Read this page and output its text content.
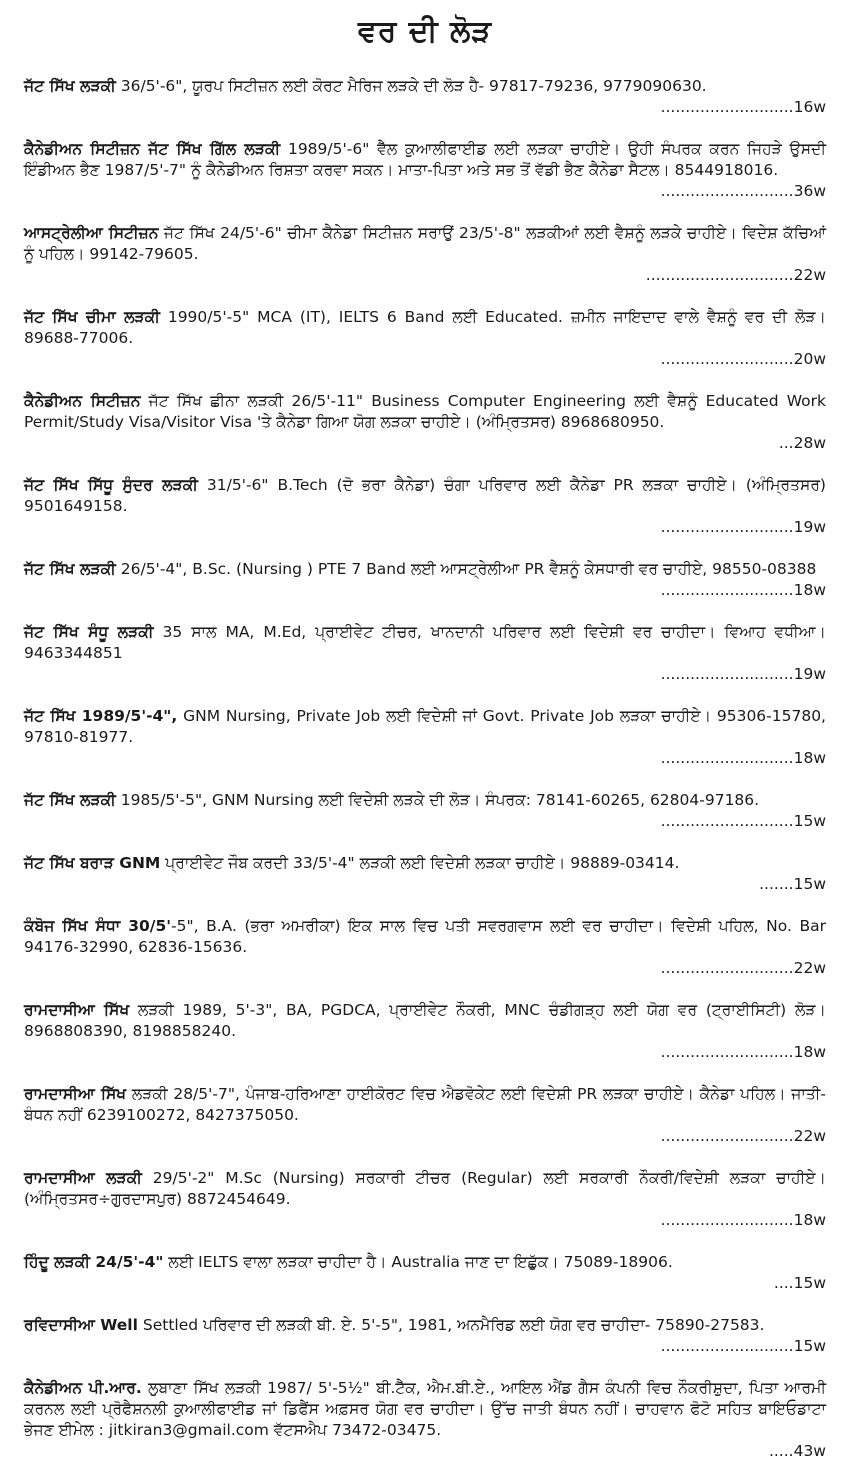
ਵਰ ਦੀ ਲੋੜ
ਜੱਟ ਸਿੱਖ ਲੜਕੀ 36/5'-6", ਯੂਰਪ ਸਿਟੀਜ਼ਨ ਲਈ ਕੋਰਟ ਮੈਰਿਜ ਲੜਕੇ ਦੀ ਲੋੜ ਹੈ- 97817-79236, 9779090630.
...........................16w
ਕੈਨੇਡੀਅਨ ਸਿਟੀਜ਼ਨ ਜੱਟ ਸਿੱਖ ਗਿੱਲ ਲੜਕੀ 1989/5'-6" ਵੈੱਲ ਕੁਆਲੀਫਾਈਡ ਲਈ ਲੜਕਾ ਚਾਹੀਏ। ਉਹੀ ਸੰਪਰਕ ਕਰਨ ਜਿਹੜੇ ਉਸਦੀ ਇੰਡੀਅਨ ਭੈਣ 1987/5'-7" ਨੂੰ ਕੈਨੇਡੀਅਨ ਰਿਸ਼ਤਾ ਕਰਵਾ ਸਕਨ। ਮਾਤਾ-ਪਿਤਾ ਅਤੇ ਸਭ ਤੋਂ ਵੱਡੀ ਭੈਣ ਕੈਨੇਡਾ ਸੈਟਲ। 8544918016.
...........................36w
ਆਸਟ੍ਰੇਲੀਆ ਸਿਟੀਜ਼ਨ ਜੱਟ ਸਿੱਖ 24/5'-6" ਚੀਮਾ ਕੈਨੇਡਾ ਸਿਟੀਜ਼ਨ ਸਰਾਉਂ 23/5'-8" ਲੜਕੀਆਂ ਲਈ ਵੈਸ਼ਨੂੰ ਲੜਕੇ ਚਾਹੀਏ। ਵਿਦੇਸ਼ ਕੱਚਿਆਂ ਨੂੰ ਪਹਿਲ। 99142-79605.
..............................22w
ਜੱਟ ਸਿੱਖ ਚੀਮਾ ਲੜਕੀ 1990/5'-5" MCA (IT), IELTS 6 Band ਲਈ Educated. ਜ਼ਮੀਨ ਜਾਇਦਾਦ ਵਾਲੇ ਵੈਸ਼ਨੂੰ ਵਰ ਦੀ ਲੋੜ। 89688-77006.
...........................20w
ਕੈਨੇਡੀਅਨ ਸਿਟੀਜ਼ਨ ਜੱਟ ਸਿੱਖ ਛੀਨਾ ਲੜਕੀ 26/5'-11" Business Computer Engineering ਲਈ ਵੈਸ਼ਨੂੰ Educated Work Permit/Study Visa/Visitor Visa 'ਤੇ ਕੈਨੇਡਾ ਗਿਆ ਯੋਗ ਲੜਕਾ ਚਾਹੀਏ। (ਅੰਮ੍ਰਿਤਸਰ) 8968680950.
...28w
ਜੱਟ ਸਿੱਖ ਸਿੱਧੂ ਸੁੰਦਰ ਲੜਕੀ 31/5'-6" B.Tech (ਦੋ ਭਰਾ ਕੈਨੇਡਾ) ਚੰਗਾ ਪਰਿਵਾਰ ਲਈ ਕੈਨੇਡਾ PR ਲੜਕਾ ਚਾਹੀਏ। (ਅੰਮ੍ਰਿਤਸਰ) 9501649158.
...........................19w
ਜੱਟ ਸਿੱਖ ਲੜਕੀ 26/5'-4", B.Sc. (Nursing ) PTE 7 Band ਲਈ ਆਸਟ੍ਰੇਲੀਆ PR ਵੈਸ਼ਨੂੰ ਕੇਸਧਾਰੀ ਵਰ ਚਾਹੀਏ, 98550-08388
...........................18w
ਜੱਟ ਸਿੱਖ ਸੰਧੂ ਲੜਕੀ 35 ਸਾਲ MA, M.Ed, ਪ੍ਰਾਈਵੇਟ ਟੀਚਰ, ਖਾਨਦਾਨੀ ਪਰਿਵਾਰ ਲਈ ਵਿਦੇਸ਼ੀ ਵਰ ਚਾਹੀਦਾ। ਵਿਆਹ ਵਧੀਆ। 9463344851
...........................19w
ਜੱਟ ਸਿੱਖ 1989/5'-4", GNM Nursing, Private Job ਲਈ ਵਿਦੇਸ਼ੀ ਜਾਂ Govt. Private Job ਲੜਕਾ ਚਾਹੀਏ। 95306-15780, 97810-81977.
...........................18w
ਜੱਟ ਸਿੱਖ ਲੜਕੀ 1985/5'-5", GNM Nursing ਲਈ ਵਿਦੇਸ਼ੀ ਲੜਕੇ ਦੀ ਲੋੜ। ਸੰਪਰਕ: 78141-60265, 62804-97186.
...........................15w
ਜੱਟ ਸਿੱਖ ਬਰਾੜ GNM ਪ੍ਰਾਈਵੇਟ ਜੌਬ ਕਰਦੀ 33/5'-4" ਲੜਕੀ ਲਈ ਵਿਦੇਸ਼ੀ ਲੜਕਾ ਚਾਹੀਏ। 98889-03414.
.......15w
ਕੰਬੋਜ ਸਿੱਖ ਸੰਧਾ 30/5'-5", B.A. (ਭਰਾ ਅਮਰੀਕਾ) ਇਕ ਸਾਲ ਵਿਚ ਪਤੀ ਸਵਰਗਵਾਸ ਲਈ ਵਰ ਚਾਹੀਦਾ। ਵਿਦੇਸ਼ੀ ਪਹਿਲ, No. Bar 94176-32990, 62836-15636.
...........................22w
ਰਾਮਦਾਸੀਆ ਸਿੱਖ ਲੜਕੀ 1989, 5'-3", BA, PGDCA, ਪ੍ਰਾਈਵੇਟ ਨੌਕਰੀ, MNC ਚੰਡੀਗੜ੍ਹ ਲਈ ਯੋਗ ਵਰ (ਟ੍ਰਾਈਸਿਟੀ) ਲੋੜ। 8968808390, 8198858240.
...........................18w
ਰਾਮਦਾਸੀਆ ਸਿੱਖ ਲੜਕੀ 28/5'-7", ਪੰਜਾਬ-ਹਰਿਆਣਾ ਹਾਈਕੋਰਟ ਵਿਚ ਐਡਵੋਕੇਟ ਲਈ ਵਿਦੇਸ਼ੀ PR ਲੜਕਾ ਚਾਹੀਏ। ਕੈਨੇਡਾ ਪਹਿਲ। ਜਾਤੀ-ਬੰਧਨ ਨਹੀਂ 6239100272, 8427375050.
...........................22w
ਰਾਮਦਾਸੀਆ ਲੜਕੀ 29/5'-2" M.Sc (Nursing) ਸਰਕਾਰੀ ਟੀਚਰ (Regular) ਲਈ ਸਰਕਾਰੀ ਨੌਕਰੀ/ਵਿਦੇਸ਼ੀ ਲੜਕਾ ਚਾਹੀਏ। (ਅੰਮ੍ਰਿਤਸਰ÷ਗੁਰਦਾਸਪੁਰ) 8872454649.
...........................18w
ਹਿੰਦੂ ਲੜਕੀ 24/5'-4" ਲਈ IELTS ਵਾਲਾ ਲੜਕਾ ਚਾਹੀਦਾ ਹੈ। Australia ਜਾਣ ਦਾ ਇਛੁੱਕ। 75089-18906.
....15w
ਰਵਿਦਾਸੀਆ Well Settled ਪਰਿਵਾਰ ਦੀ ਲੜਕੀ ਬੀ. ਏ. 5'-5", 1981, ਅਨਮੈਰਿਡ ਲਈ ਯੋਗ ਵਰ ਚਾਹੀਦਾ- 75890-27583.
...........................15w
ਕੈਨੇਡੀਅਨ ਪੀ.ਆਰ. ਲੁਬਾਣਾ ਸਿੱਖ ਲੜਕੀ 1987/ 5'-5½" ਬੀ.ਟੈੱਕ, ਐਮ.ਬੀ.ਏ., ਆਇਲ ਐਂਡ ਗੈਸ ਕੰਪਨੀ ਵਿਚ ਨੌਕਰੀਸ਼ੁਦਾ, ਪਿਤਾ ਆਰਮੀ ਕਰਨਲ ਲਈ ਪ੍ਰੋਫੈਸ਼ਨਲੀ ਕੁਆਲੀਫਾਈਡ ਜਾਂ ਡਿਫੈਂਸ ਅਫ਼ਸਰ ਯੋਗ ਵਰ ਚਾਹੀਦਾ। ਉੱਚ ਜਾਤੀ ਬੰਧਨ ਨਹੀਂ। ਚਾਹਵਾਨ ਫੋਟੋ ਸਹਿਤ ਬਾਇਓਡਾਟਾ ਭੇਜਣ ਈਮੇਲ : jitkiran3@gmail.com ਵੱਟਸਐਪ 73472-03475.
.....43w
